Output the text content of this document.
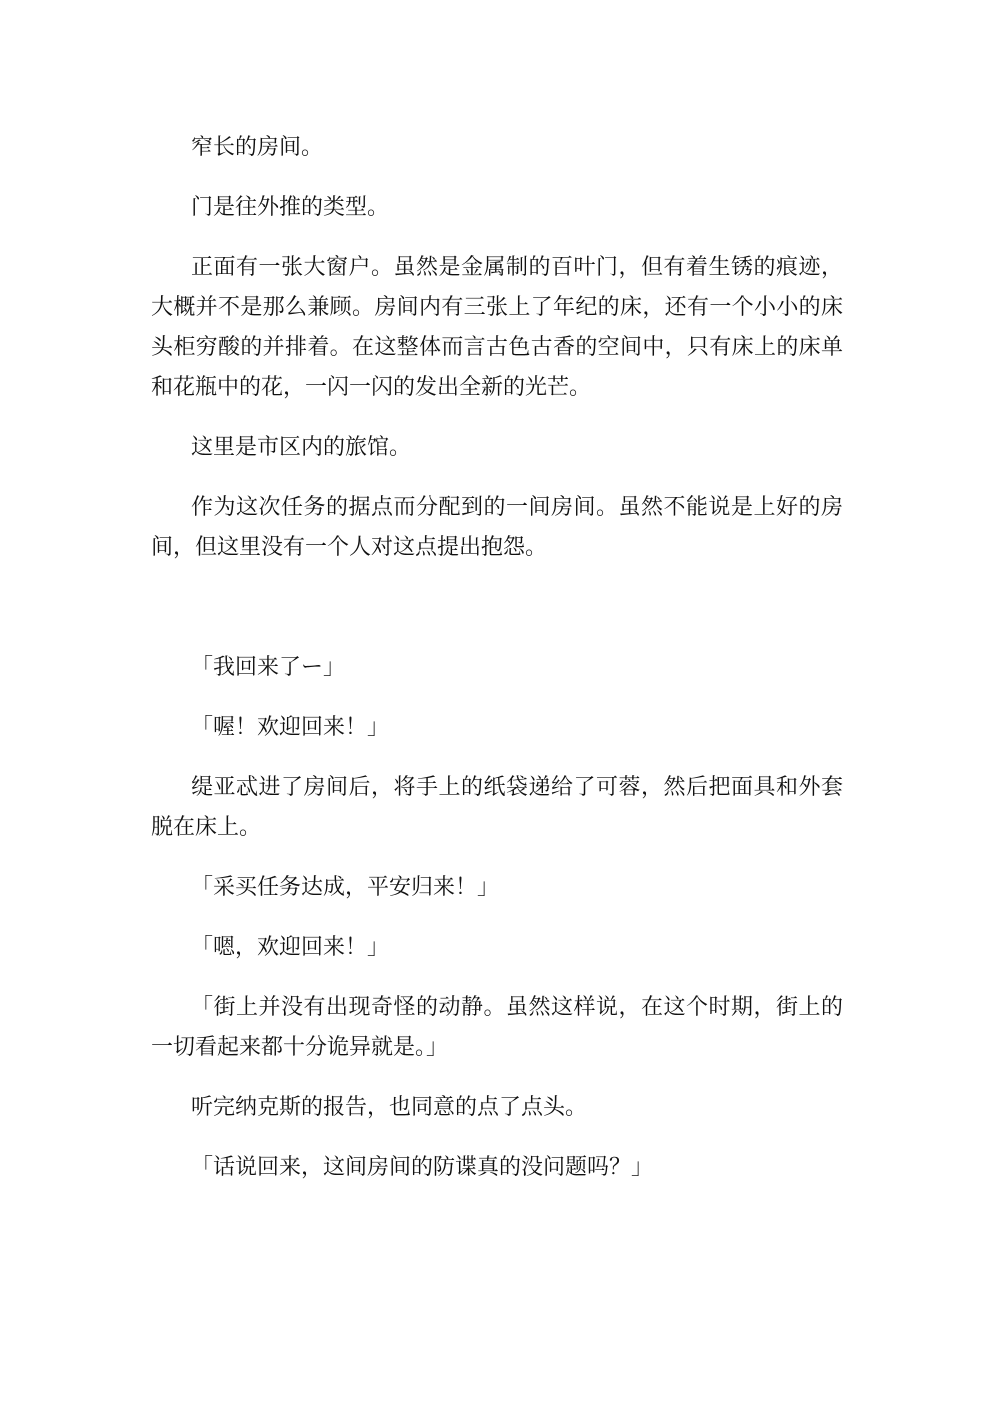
窄长的房间。

门是往外推的类型。

正面有一张大窗户。虽然是金属制的百叶门，但有着生锈的痕迹，大概并不是那么兼顾。房间内有三张上了年纪的床，还有一个小小的床头柜穷酸的并排着。在这整体而言古色古香的空间中，只有床上的床单和花瓶中的花，一闪一闪的发出全新的光芒。

这里是市区内的旅馆。

作为这次任务的据点而分配到的一间房间。虽然不能说是上好的房间，但这里没有一个人对这点提出抱怨。

「我回来了ー」

「喔！欢迎回来！」

缇亚忒进了房间后，将手上的纸袋递给了可蓉，然后把面具和外套脱在床上。

「采买任务达成，平安归来！」

「嗯，欢迎回来！」

「街上并没有出现奇怪的动静。虽然这样说，在这个时期，街上的一切看起来都十分诡异就是。」

听完纳克斯的报告，也同意的点了点头。

「话说回来，这间房间的防谍真的没问题吗？」
